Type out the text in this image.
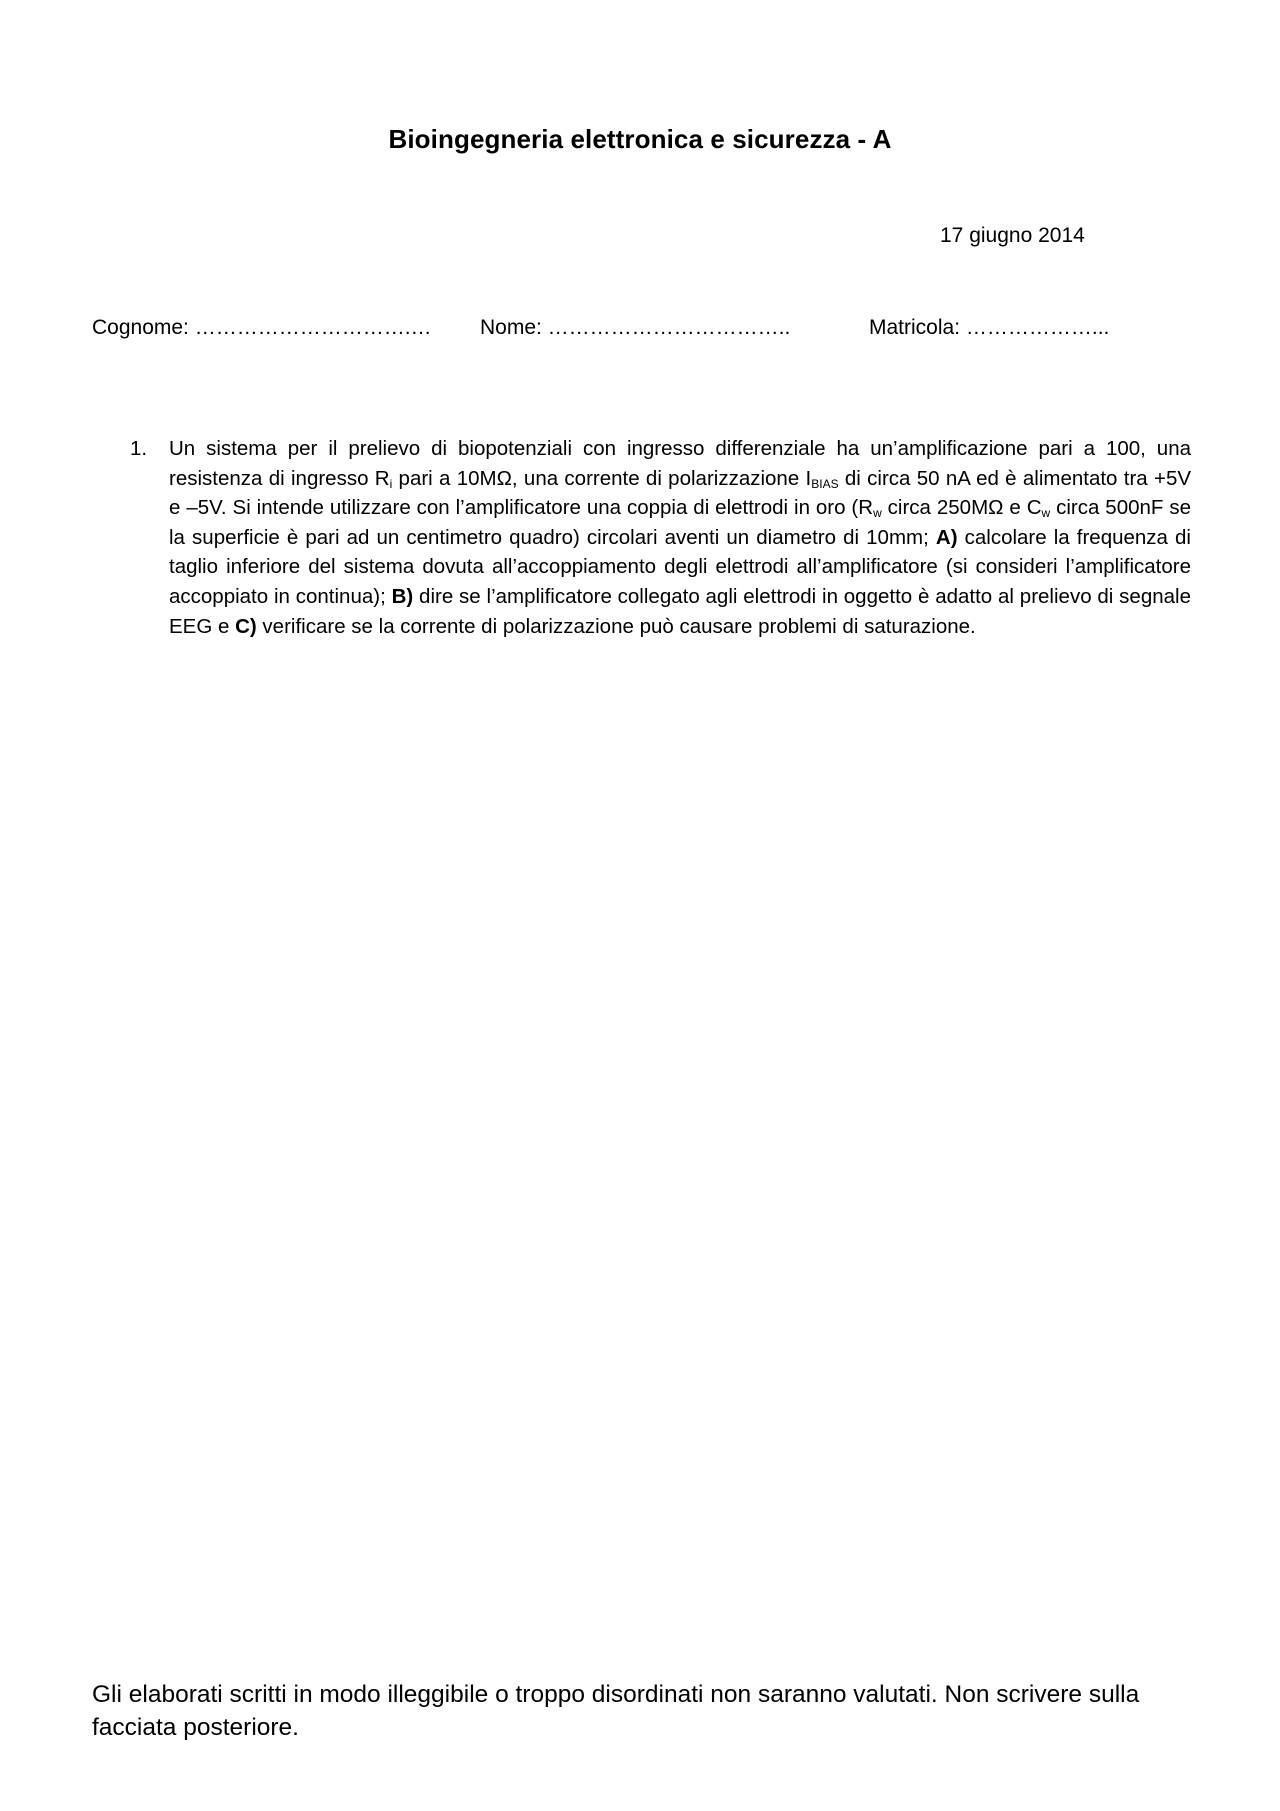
Bioingegneria elettronica e sicurezza - A
17 giugno 2014
Cognome: ………………………….… Nome: ……………………………..	Matricola: ………………...
1. Un sistema per il prelievo di biopotenziali con ingresso differenziale ha un’amplificazione pari a 100, una resistenza di ingresso $R_i$ pari a 10MΩ, una corrente di polarizzazione $I_{BIAS}$ di circa 50 nA ed è alimentato tra +5V e –5V. Si intende utilizzare con l’amplificatore una coppia di elettrodi in oro ($R_w$ circa 250MΩ e $C_w$ circa 500nF se la superficie è pari ad un centimetro quadro) circolari aventi un diametro di 10mm; A) calcolare la frequenza di taglio inferiore del sistema dovuta all’accoppiamento degli elettrodi all’amplificatore (si consideri l’amplificatore accoppiato in continua); B) dire se l’amplificatore collegato agli elettrodi in oggetto è adatto al prelievo di segnale EEG e C) verificare se la corrente di polarizzazione può causare problemi di saturazione.
Gli elaborati scritti in modo illeggibile o troppo disordinati non saranno valutati. Non scrivere sulla facciata posteriore.
